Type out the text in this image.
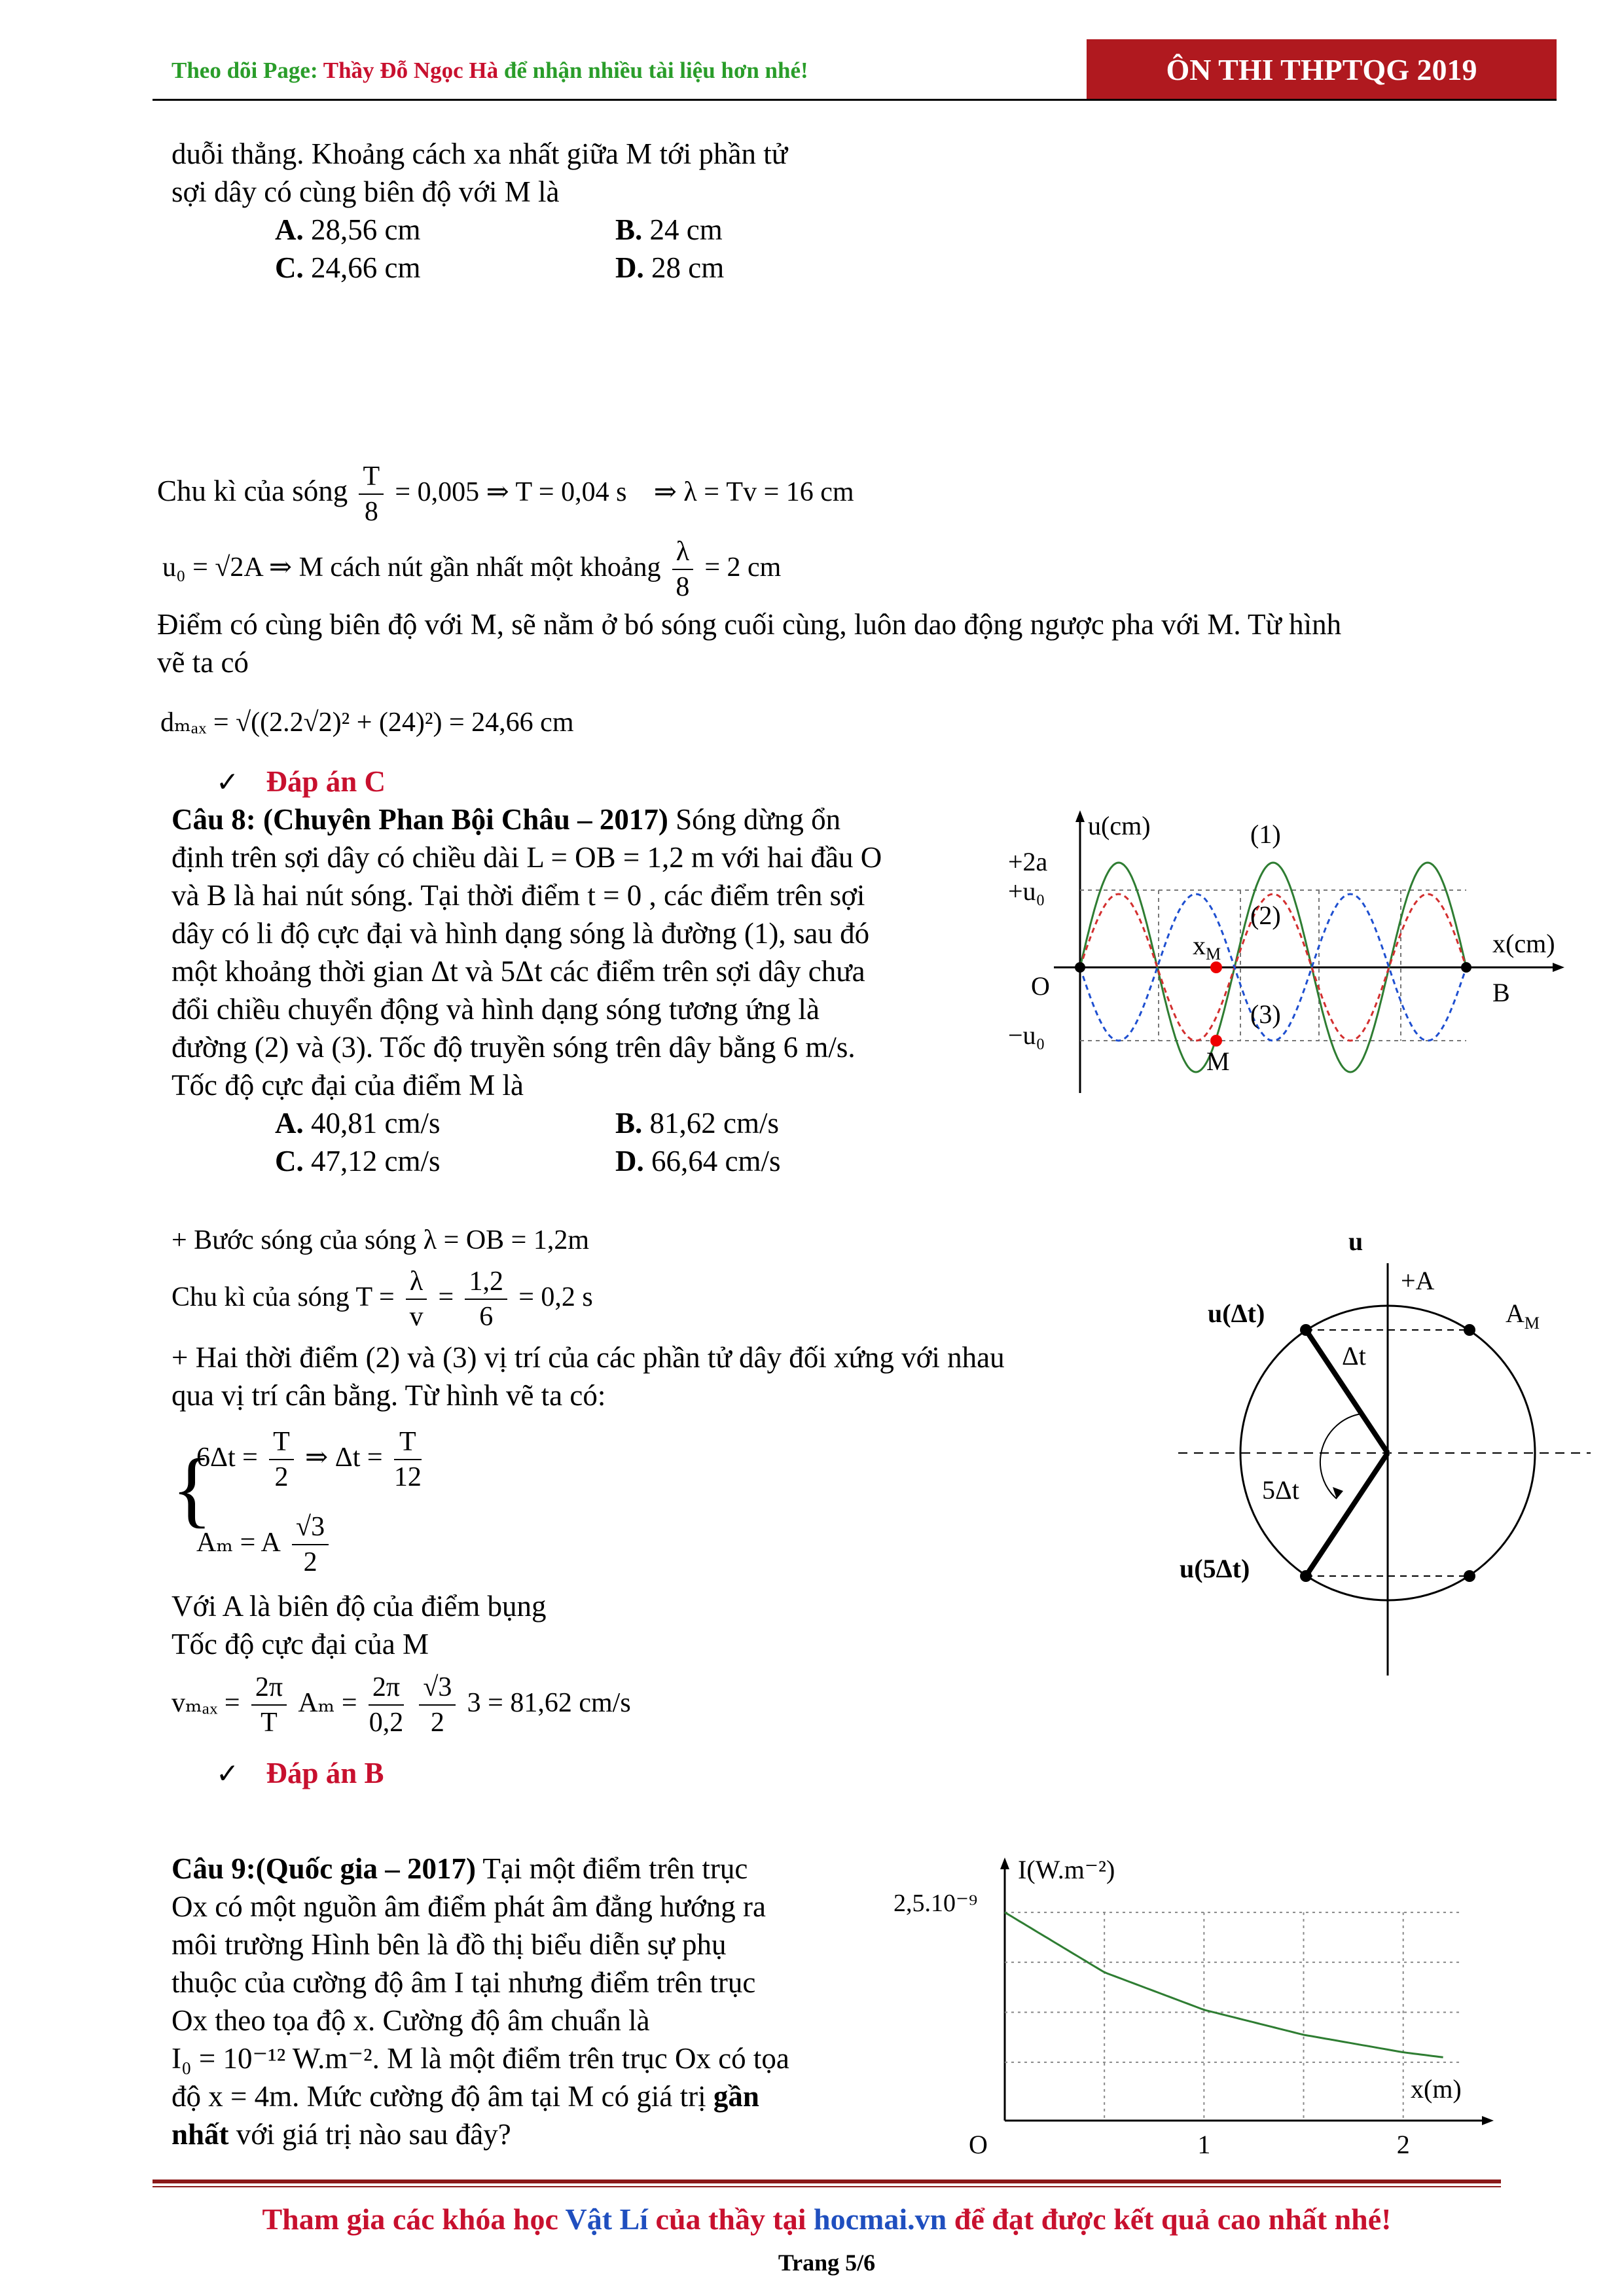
Theo dõi Page: Thầy Đỗ Ngọc Hà để nhận nhiều tài liệu hơn nhé!	ÔN THI THPTQG 2019
duỗi thẳng. Khoảng cách xa nhất giữa M tới phần tử
sợi dây có cùng biên độ với M là
A. 28,56 cm	B. 24 cm
C. 24,66 cm	D. 28 cm
Chu kì của sóng $\frac{T}{8} = 0,005$ ⇒ T = 0,04 s ⇒ λ = Tv = 16 cm
u₀ = √2A ⇒ M cách nút gần nhất một khoảng $\frac{\lambda}{8} = 2$ cm
Điểm có cùng biên độ với M, sẽ nằm ở bó sóng cuối cùng, luôn dao động ngược pha với M. Từ hình
vẽ ta có
dₘₐₓ = √((2.2√2)² + (24)²) = 24,66 cm
✓ Đáp án C
Câu 8: (Chuyên Phan Bội Châu – 2017) Sóng dừng ổn
định trên sợi dây có chiều dài L = OB = 1,2 m với hai đầu O
và B là hai nút sóng. Tại thời điểm t = 0 , các điểm trên sợi
dây có li độ cực đại và hình dạng sóng là đường (1), sau đó
một khoảng thời gian Δt và 5Δt các điểm trên sợi dây chưa
đổi chiều chuyển động và hình dạng sóng tương ứng là
đường (2) và (3). Tốc độ truyền sóng trên dây bằng 6 m/s.
Tốc độ cực đại của điểm M là
A. 40,81 cm/s	B. 81,62 cm/s
C. 47,12 cm/s	D. 66,64 cm/s
u(cm)
x(cm)
+2a
+u₀
−u₀
O	B
(1)
(2)
(3)
$x_M$
M
+ Bước sóng của sóng λ = OB = 1,2m
Chu kì của sóng $T = \frac{\lambda}{v} = \frac{1,2}{6} = 0,2$ s
+ Hai thời điểm (2) và (3) vị trí của các phần tử dây đối xứng với nhau
qua vị trí cân bằng. Từ hình vẽ ta có:
{
$6\Delta t = \frac{T}{2}$ ⇒ $\Delta t = \frac{T}{12}$
Aₘ = A $\frac{√3}{2}$
Với A là biên độ của điểm bụng
Tốc độ cực đại của M
$v_{max} = \frac{2\pi}{T}$ $A_m = \frac{2\pi}{0,2}$
$\frac{√3}{2} 3 = 81,62$ cm/s
✓ Đáp án B
u
+A
$A_M$
u(Δt)
u(5Δt)
Δt
5Δt
Câu 9:(Quốc gia – 2017) Tại một điểm trên trục
Ox có một nguồn âm điểm phát âm đẳng hướng ra
môi trường Hình bên là đồ thị biểu diễn sự phụ
thuộc của cường độ âm I tại nhưng điểm trên trục
Ox theo tọa độ x. Cường độ âm chuẩn là
I₀ = 10⁻¹² W.m⁻². M là một điểm trên trục Ox có tọa
độ x = 4m. Mức cường độ âm tại M có giá trị gần
nhất với giá trị nào sau đây?
I(W.m⁻²)
x(m)
2,5.10⁻⁹
O	1	2
Tham gia các khóa học Vật Lí của thầy tại hocmai.vn để đạt được kết quả cao nhất nhé!
Trang 5/6
